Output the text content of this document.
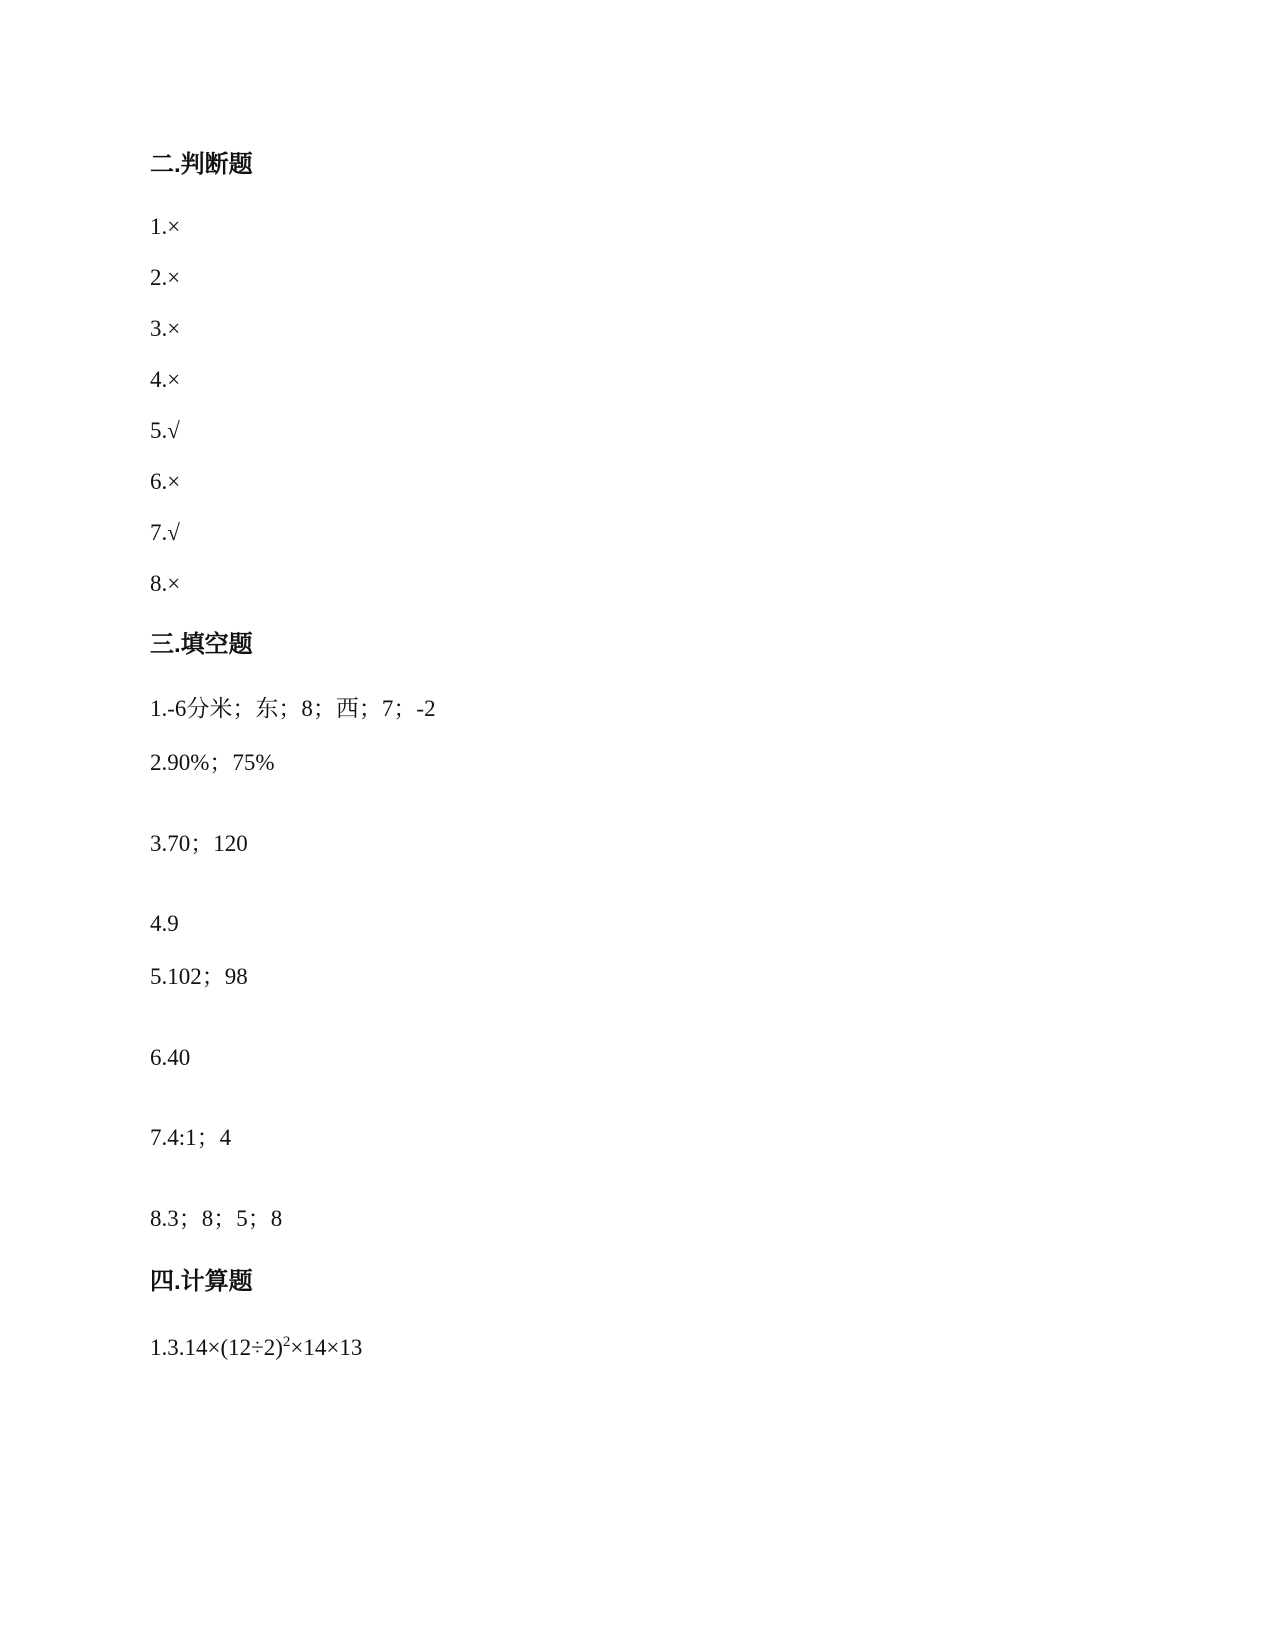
二.判断题
1.×
2.×
3.×
4.×
5.√
6.×
7.√
8.×
三.填空题
1.-6分米；东；8；西；7；-2
2.90%；75%
3.70；120
4.9
5.102；98
6.40
7.4:1；4
8.3；8；5；8
四.计算题
$1.3.14\times(12\div 2)^2\times 14\times 13$
